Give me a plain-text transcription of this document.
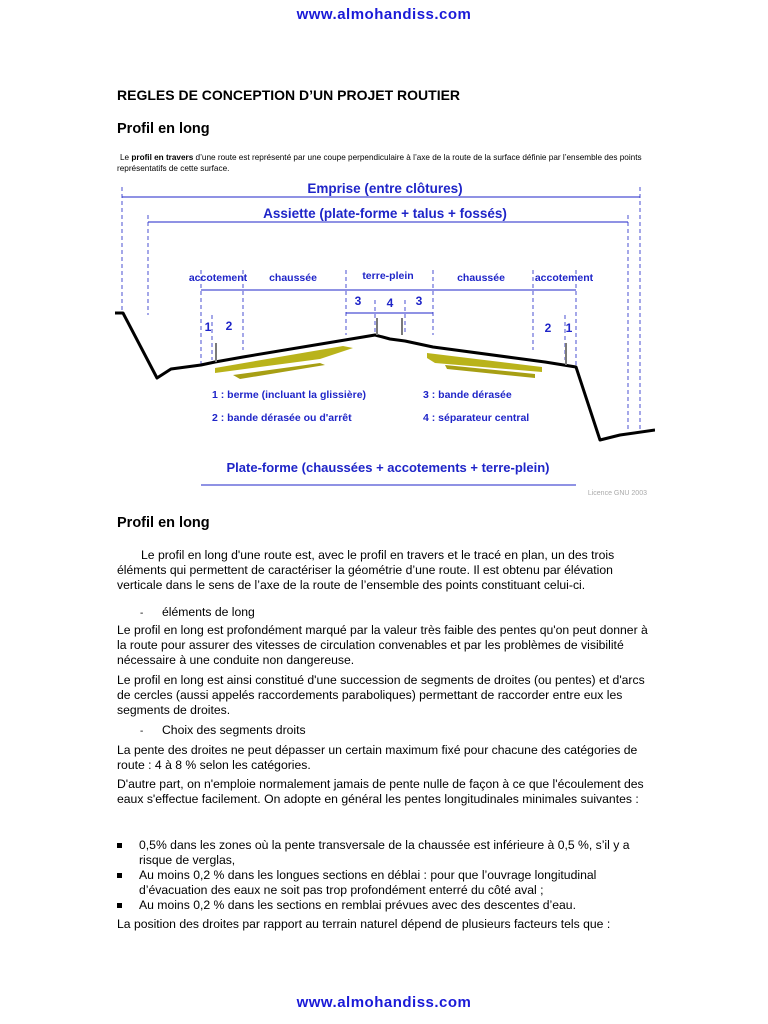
www.almohandiss.com
REGLES DE CONCEPTION D’UN PROJET ROUTIER
Profil en long
Le profil en travers d’une route est représenté par une coupe perpendiculaire à l’axe de la route de la surface définie par l’ensemble des points représentatifs de cette surface.
Emprise (entre clôtures)
Assiette (plate-forme + talus + fossés)
accotement chaussée	terre-plein	chaussée	accotement
3 4 3
1 2	2 1
1 : berme (incluant la glissière)
2 : bande dérasée ou d'arrêt
3 : bande dérasée
4 : séparateur central
Plate-forme (chaussées + accotements + terre-plein)
Licence GNU 2003
Profil en long

Le profil en long d'une route est, avec le profil en travers et le tracé en plan, un des trois éléments qui permettent de caractériser la géométrie d’une route. Il est obtenu par élévation verticale dans le sens de l’axe de la route de l’ensemble des points constituant celui-ci.

- éléments de long

Le profil en long est profondément marqué par la valeur très faible des pentes qu'on peut donner à la route pour assurer des vitesses de circulation convenables et par les problèmes de visibilité nécessaire à une conduite non dangereuse.

Le profil en long est ainsi constitué d'une succession de segments de droites (ou pentes) et d'arcs de cercles (aussi appelés raccordements paraboliques) permettant de raccorder entre eux les segments de droites.

- Choix des segments droits

La pente des droites ne peut dépasser un certain maximum fixé pour chacune des catégories de route : 4 à 8 % selon les catégories.

D'autre part, on n'emploie normalement jamais de pente nulle de façon à ce que l'écoulement des eaux s'effectue facilement. On adopte en général les pentes longitudinales minimales suivantes :

0,5% dans les zones où la pente transversale de la chaussée est inférieure à 0,5 %, s’il y a risque de verglas,
Au moins 0,2 % dans les longues sections en déblai : pour que l’ouvrage longitudinal d’évacuation des eaux ne soit pas trop profondément enterré du côté aval ;
Au moins 0,2 % dans les sections en remblai prévues avec des descentes d’eau.

La position des droites par rapport au terrain naturel dépend de plusieurs facteurs tels que :

www.almohandiss.com
